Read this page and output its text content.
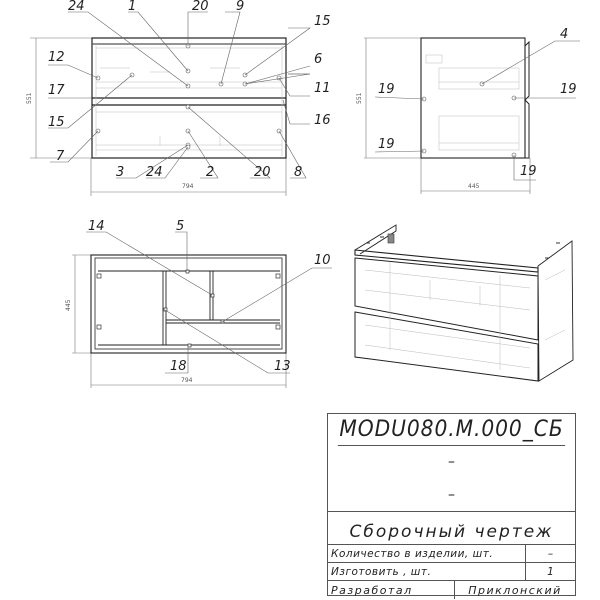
24	1	20 9
15
6
11
16
12
17
15
7
3 24	2	20 8
794
551
4
19
19
19
19
445
551
14	5
10
18	13
794
445
MODU080.M.000_СБ
–
–
Сборочный чертеж
Количество в изделии, шт.	–
Изготовить , шт.	1
Разработал	Приклонский
